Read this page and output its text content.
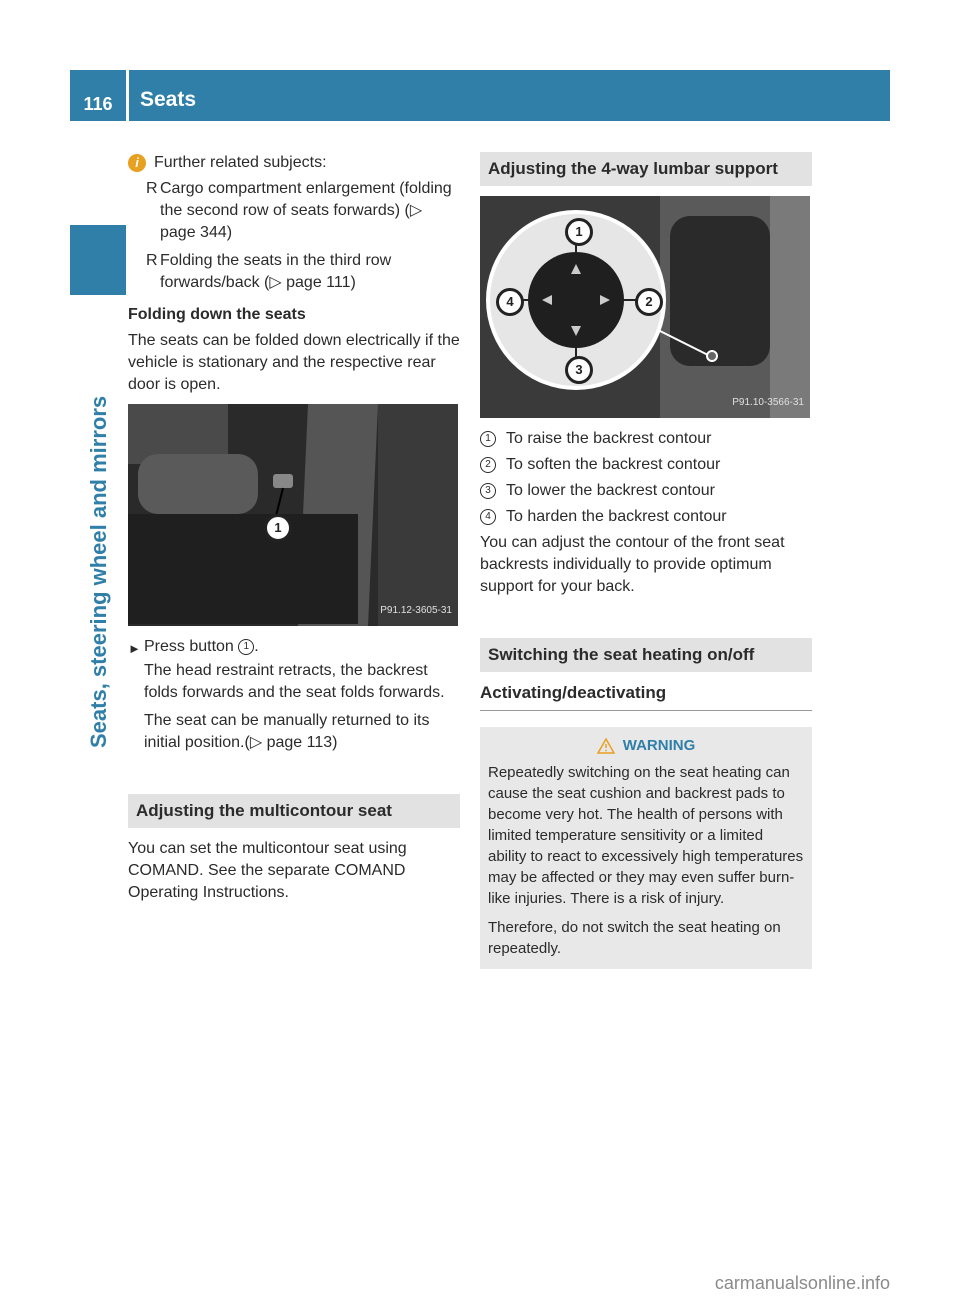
116	Seats
Seats, steering wheel and mirrors
i Further related subjects:
R Cargo compartment enlargement (folding the second row of seats forwards) (▷ page 344)
R Folding the seats in the third row forwards/back (▷ page 111)
Folding down the seats

The seats can be folded down electrically if the vehicle is stationary and the respective rear door is open.

1
P91.12-3605-31
► Press button 1 .

The head restraint retracts, the backrest folds forwards and the seat folds forwards.

The seat can be manually returned to its initial position.(▷ page 113)

Adjusting the multicontour seat

You can set the multicontour seat using COMAND. See the separate COMAND Operating Instructions.

Adjusting the 4-way lumbar support
1
2
3
4
P91.10-3566-31
1 To raise the backrest contour
2 To soften the backrest contour
3 To lower the backrest contour
4 To harden the backrest contour

You can adjust the contour of the front seat backrests individually to provide optimum support for your back.

Switching the seat heating on/off
Activating/deactivating
WARNING

Repeatedly switching on the seat heating can cause the seat cushion and backrest pads to become very hot. The health of persons with limited temperature sensitivity or a limited ability to react to excessively high temperatures may be affected or they may even suffer burn-like injuries. There is a risk of injury.

Therefore, do not switch the seat heating on repeatedly.

carmanualsonline.info
